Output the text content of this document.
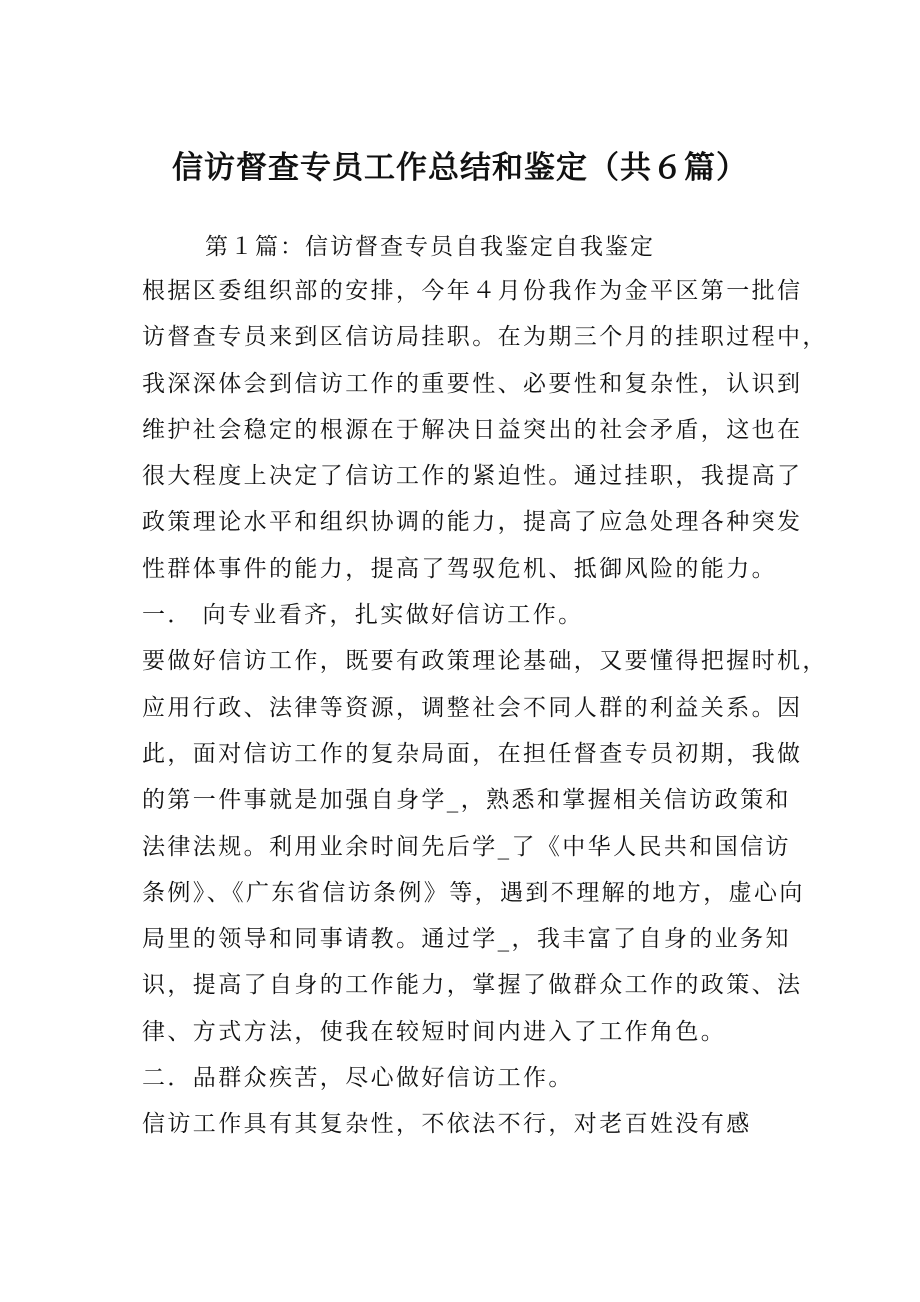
信访督查专员工作总结和鉴定（共６篇）

第１篇：信访督查专员自我鉴定自我鉴定

根据区委组织部的安排，今年４月份我作为金平区第一批信
访督查专员来到区信访局挂职。在为期三个月的挂职过程中，
我深深体会到信访工作的重要性、必要性和复杂性，认识到
维护社会稳定的根源在于解决日益突出的社会矛盾，这也在
很大程度上决定了信访工作的紧迫性。通过挂职，我提高了
政策理论水平和组织协调的能力，提高了应急处理各种突发
性群体事件的能力，提高了驾驭危机、抵御风险的能力。
一． 向专业看齐，扎实做好信访工作。
要做好信访工作，既要有政策理论基础，又要懂得把握时机，
应用行政、法律等资源，调整社会不同人群的利益关系。因
此，面对信访工作的复杂局面，在担任督查专员初期，我做
的第一件事就是加强自身学_，熟悉和掌握相关信访政策和
法律法规。利用业余时间先后学_了《中华人民共和国信访
条例》、《广东省信访条例》等，遇到不理解的地方，虚心向
局里的领导和同事请教。通过学_，我丰富了自身的业务知
识，提高了自身的工作能力，掌握了做群众工作的政策、法
律、方式方法，使我在较短时间内进入了工作角色。
二．品群众疾苦，尽心做好信访工作。
信访工作具有其复杂性，不依法不行，对老百姓没有感
